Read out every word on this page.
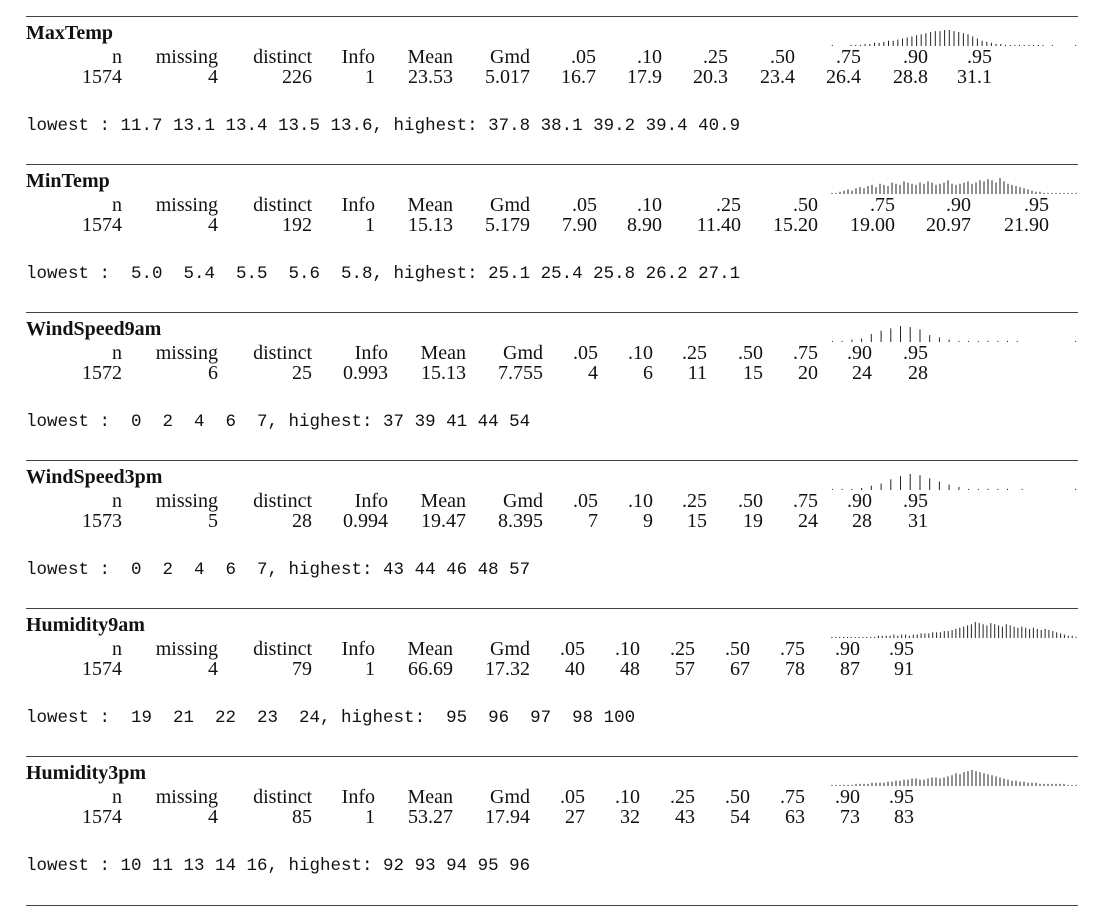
MaxTemp
n
1574
missing
4
distinct
226
Info
1
Mean
23.53
Gmd
5.017
.05
16.7
.10
17.9
.25
20.3
.50
23.4
.75
26.4
.90
28.8
.95
31.1
lowest : 11.7 13.1 13.4 13.5 13.6, highest: 37.8 38.1 39.2 39.4 40.9
MinTemp
n
1574
missing
4
distinct
192
Info
1
Mean
15.13
Gmd
5.179
.05
7.90
.10
8.90
.25
11.40
.50
15.20
.75
19.00
.90
20.97
.95
21.90
lowest :  5.0  5.4  5.5  5.6  5.8, highest: 25.1 25.4 25.8 26.2 27.1
WindSpeed9am
n
1572
missing
6
distinct
25
Info
0.993
Mean
15.13
Gmd
7.755
.05
4
.10
6
.25
11
.50
15
.75
20
.90
24
.95
28
lowest :  0  2  4  6  7, highest: 37 39 41 44 54
WindSpeed3pm
n
1573
missing
5
distinct
28
Info
0.994
Mean
19.47
Gmd
8.395
.05
7
.10
9
.25
15
.50
19
.75
24
.90
28
.95
31
lowest :  0  2  4  6  7, highest: 43 44 46 48 57
Humidity9am
n
1574
missing
4
distinct
79
Info
1
Mean
66.69
Gmd
17.32
.05
40
.10
48
.25
57
.50
67
.75
78
.90
87
.95
91
lowest :  19  21  22  23  24, highest:  95  96  97  98 100
Humidity3pm
n
1574
missing
4
distinct
85
Info
1
Mean
53.27
Gmd
17.94
.05
27
.10
32
.25
43
.50
54
.75
63
.90
73
.95
83
lowest : 10 11 13 14 16, highest: 92 93 94 95 96
